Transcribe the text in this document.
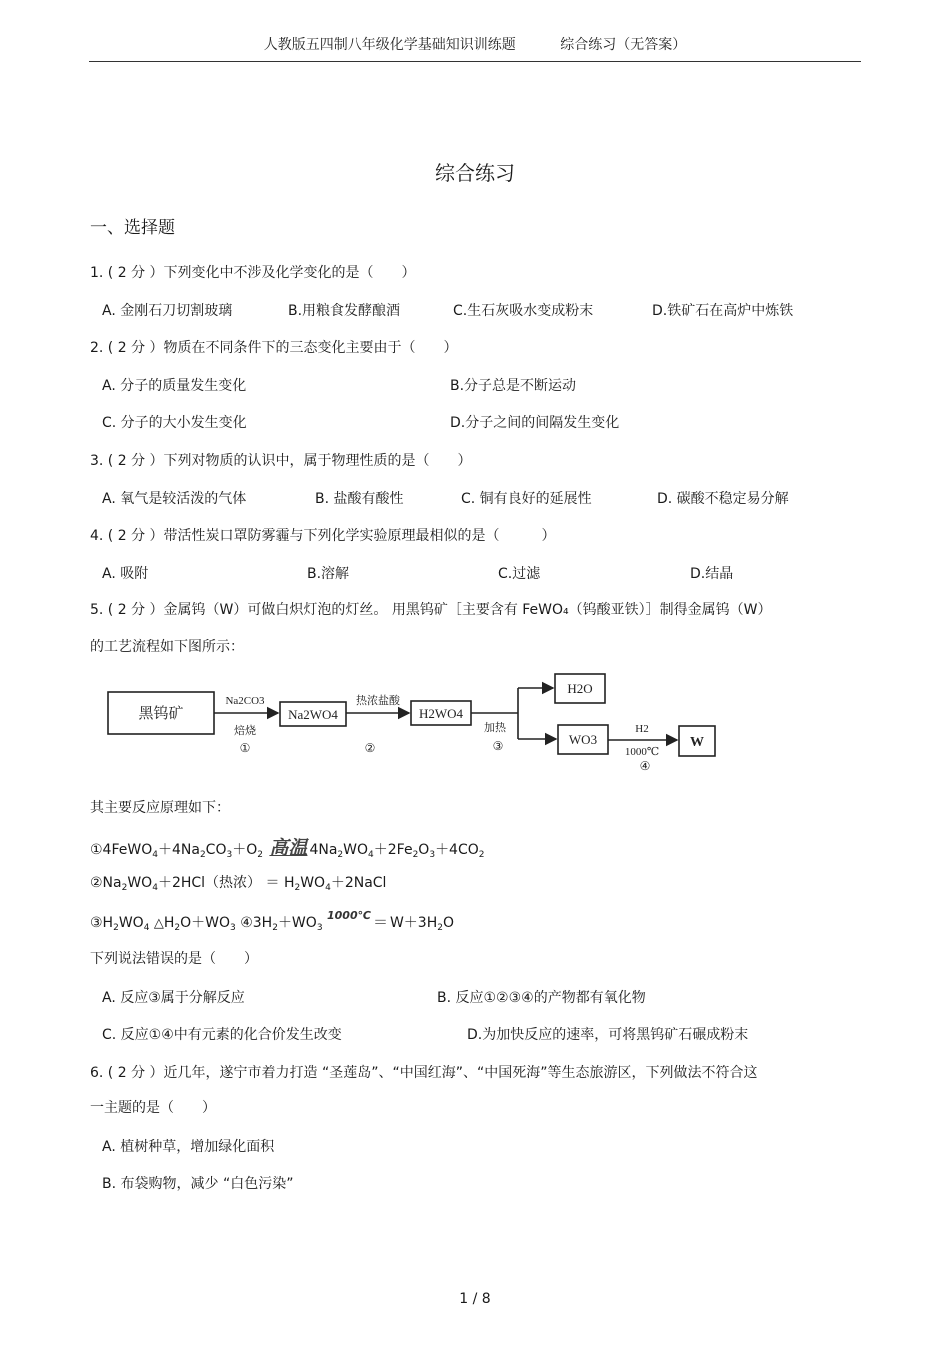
人教版五四制八年级化学基础知识训练题	综合练习（无答案）
综合练习
一、选择题
1. ( 2 分 ）下列变化中不涉及化学变化的是（　　）
A. 金刚石刀切割玻璃	B.用粮食发酵酿酒	C.生石灰吸水变成粉末	D.铁矿石在高炉中炼铁
2. ( 2 分 ）物质在不同条件下的三态变化主要由于（　　）
A. 分子的质量发生变化	B.分子总是不断运动
C. 分子的大小发生变化	D.分子之间的间隔发生变化
3. ( 2 分 ）下列对物质的认识中，属于物理性质的是（　　）
A. 氧气是较活泼的气体	B. 盐酸有酸性	C. 铜有良好的延展性	D. 碳酸不稳定易分解
4. ( 2 分 ）带活性炭口罩防雾霾与下列化学实验原理最相似的是（　　　）
A. 吸附	B.溶解	C.过滤	D.结晶
5. ( 2 分 ）金属钨（W）可做白炽灯泡的灯丝。 用黑钨矿［主要含有 FeWO₄（钨酸亚铁）］制得金属钨（W）
的工艺流程如下图所示：
黑钨矿
Na2CO3
焙烧
①
Na2WO4
热浓盐酸
②
H2WO4
加热
③
H2O
WO3
H2
1000℃
④
W
其主要反应原理如下：
$①4FeWO_4+4Na_2CO_3+O_2$ 高温 $4Na_2WO_4+2Fe_2O_3+4CO_2$
$②Na_2WO_4+2HCl$（热浓） ＝ $H_2WO_4+2NaCl$
$③H_2WO_4$ $\triangle H_2O+WO_3$ $④3H_2+WO_3$ $^{1000℃} = W+3H_2O$
下列说法错误的是（　　）
A. 反应③属于分解反应	B. 反应①②③④的产物都有氧化物
C. 反应①④中有元素的化合价发生改变	D.为加快反应的速率，可将黑钨矿石碾成粉末
6. ( 2 分 ）近几年，遂宁市着力打造 “圣莲岛”、“中国红海”、“中国死海”等生态旅游区，下列做法不符合这
一主题的是（　　）
A. 植树种草，增加绿化面积
B. 布袋购物，减少 “白色污染”
1 / 8
